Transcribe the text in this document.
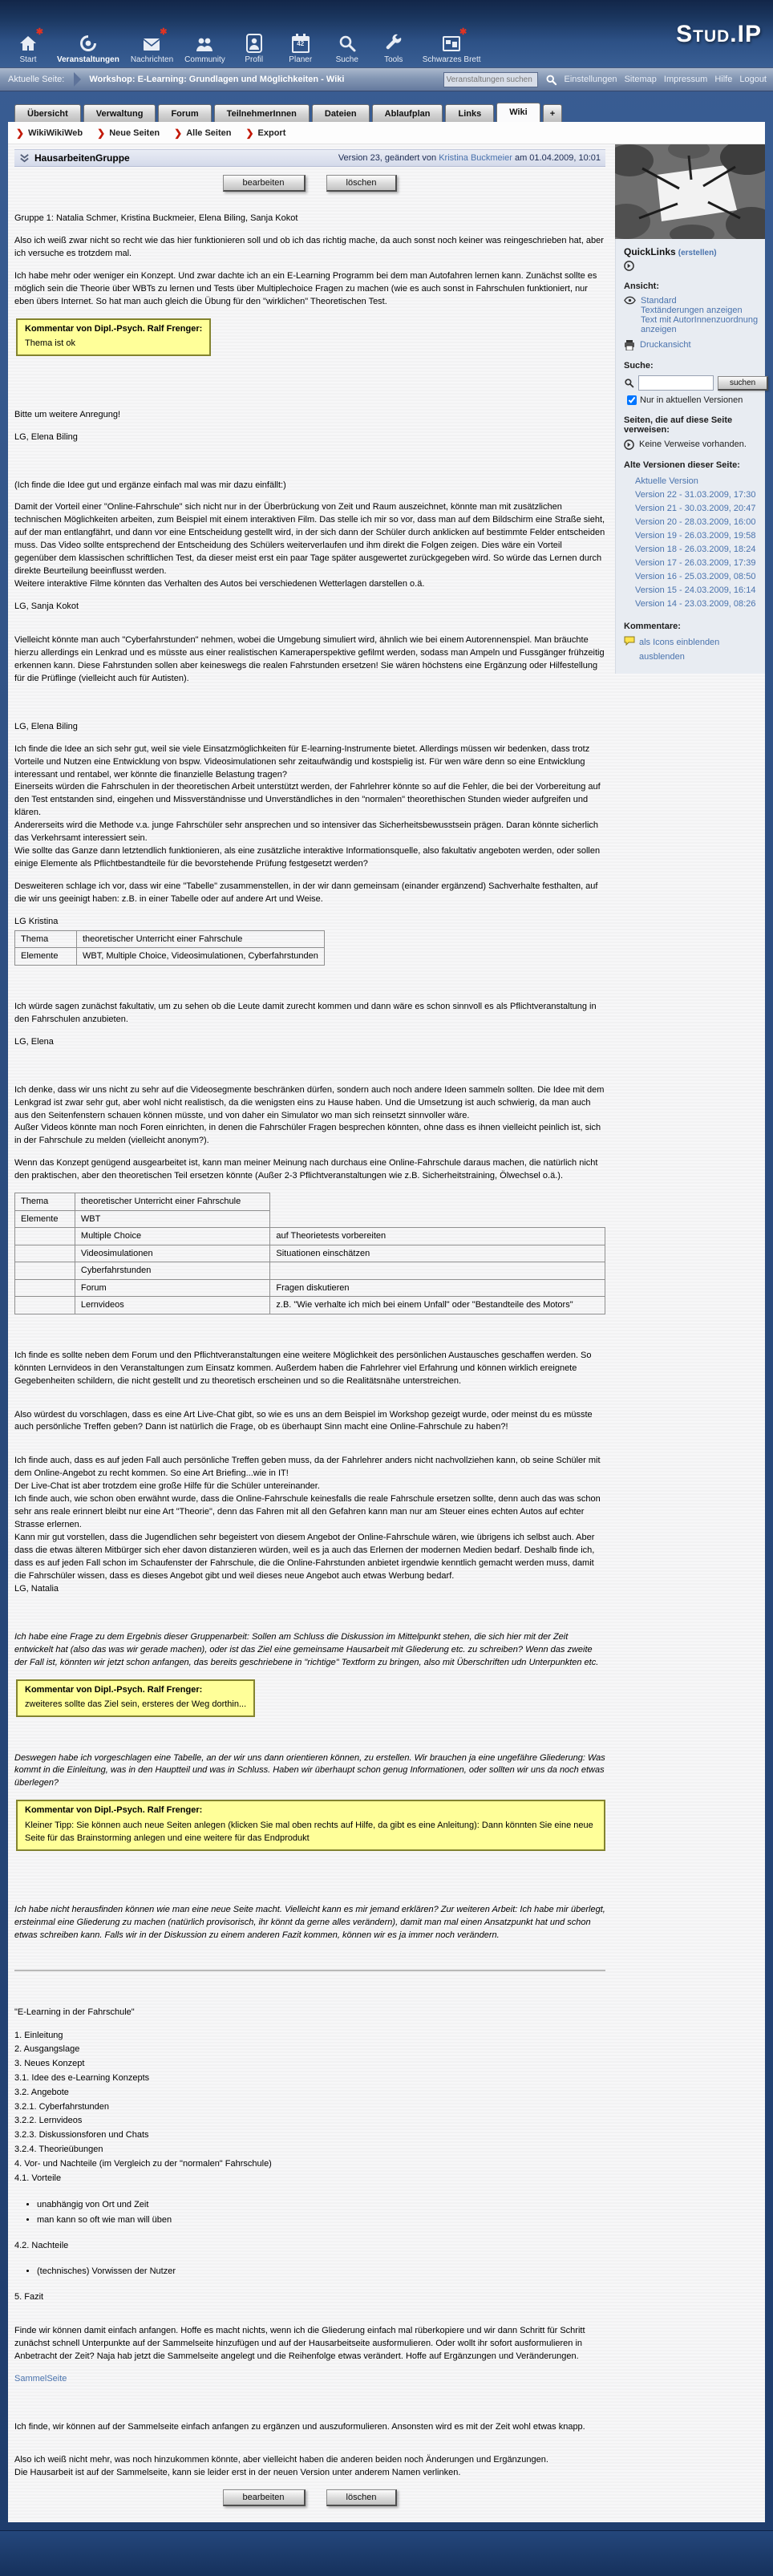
✱
Start	Veranstaltungen
✱
Nachrichten Community Profil
42
Planer	Suche	Tools
✱
Schwarzes Brett
Stud.IP
Aktuelle Seite:	Workshop: E-Learning: Grundlagen und Möglichkeiten - Wiki
Veranstaltungen suchen	Einstellungen Sitemap Impressum Hilfe Logout
Übersicht	Verwaltung	Forum	TeilnehmerInnen	Dateien	Ablaufplan	Links	Wiki	+
❯ WikiWikiWeb ❯ Neue Seiten ❯ Alle Seiten ❯ Export
HausarbeitenGruppe	Version 23, geändert von Kristina Buckmeier am 01.04.2009, 10:01
bearbeiten	löschen
Gruppe 1: Natalia Schmer, Kristina Buckmeier, Elena Biling, Sanja Kokot
Also ich weiß zwar nicht so recht wie das hier funktionieren soll und ob ich das richtig mache, da auch sonst noch keiner was reingeschrieben hat, aber ich versuche es trotzdem mal.
Ich habe mehr oder weniger ein Konzept. Und zwar dachte ich an ein E-Learning Programm bei dem man Autofahren lernen kann. Zunächst sollte es möglich sein die Theorie über WBTs zu lernen und Tests über Multiplechoice Fragen zu machen (wie es auch sonst in Fahrschulen funktioniert, nur eben übers Internet. So hat man auch gleich die Übung für den "wirklichen" Theoretischen Test.
Kommentar von Dipl.-Psych. Ralf Frenger:
Thema ist ok
Bitte um weitere Anregung!
LG, Elena Biling
(Ich finde die Idee gut und ergänze einfach mal was mir dazu einfällt:)
Damit der Vorteil einer "Online-Fahrschule" sich nicht nur in der Überbrückung von Zeit und Raum auszeichnet, könnte man mit zusätzlichen technischen Möglichkeiten arbeiten, zum Beispiel mit einem interaktiven Film. Das stelle ich mir so vor, dass man auf dem Bildschirm eine Straße sieht, auf der man entlangfährt, und dann vor eine Entscheidung gestellt wird, in der sich dann der Schüler durch anklicken auf bestimmte Felder entscheiden muss. Das Video sollte entsprechend der Entscheidung des Schülers weiterverlaufen und ihm direkt die Folgen zeigen. Dies wäre ein Vorteil gegenüber dem klassischen schriftlichen Test, da dieser meist erst ein paar Tage später ausgewertet zurückgegeben wird. So würde das Lernen durch direkte Beurteilung beeinflusst werden.
Weitere interaktive Filme könnten das Verhalten des Autos bei verschiedenen Wetterlagen darstellen o.ä.
LG, Sanja Kokot
Vielleicht könnte man auch "Cyberfahrstunden" nehmen, wobei die Umgebung simuliert wird, ähnlich wie bei einem Autorennenspiel. Man bräuchte hierzu allerdings ein Lenkrad und es müsste aus einer realistischen Kameraperspektive gefilmt werden, sodass man Ampeln und Fussgänger frühzeitig erkennen kann. Diese Fahrstunden sollen aber keineswegs die realen Fahrstunden ersetzen! Sie wären höchstens eine Ergänzung oder Hilfestellung für die Prüflinge (vielleicht auch für Autisten).
LG, Elena Biling
Ich finde die Idee an sich sehr gut, weil sie viele Einsatzmöglichkeiten für E-learning-Instrumente bietet. Allerdings müssen wir bedenken, dass trotz Vorteile und Nutzen eine Entwicklung von bspw. Videosimulationen sehr zeitaufwändig und kostspielig ist. Für wen wäre denn so eine Entwicklung interessant und rentabel, wer könnte die finanzielle Belastung tragen?
Einerseits würden die Fahrschulen in der theoretischen Arbeit unterstützt werden, der Fahrlehrer könnte so auf die Fehler, die bei der Vorbereitung auf den Test entstanden sind, eingehen und Missverständnisse und Unverständliches in den "normalen" theorethischen Stunden wieder aufgreifen und klären.
Andererseits wird die Methode v.a. junge Fahrschüler sehr ansprechen und so intensiver das Sicherheitsbewusstsein prägen. Daran könnte sicherlich das Verkehrsamt interessiert sein.
Wie sollte das Ganze dann letztendlich funktionieren, als eine zusätzliche interaktive Informationsquelle, also fakultativ angeboten werden, oder sollen einige Elemente als Pflichtbestandteile für die bevorstehende Prüfung festgesetzt werden?
Desweiteren schlage ich vor, dass wir eine "Tabelle" zusammenstellen, in der wir dann gemeinsam (einander ergänzend) Sachverhalte festhalten, auf die wir uns geeinigt haben: z.B. in einer Tabelle oder auf andere Art und Weise.
LG Kristina
Thema	theoretischer Unterricht einer Fahrschule
Elemente	WBT, Multiple Choice, Videosimulationen, Cyberfahrstunden
Ich würde sagen zunächst fakultativ, um zu sehen ob die Leute damit zurecht kommen und dann wäre es schon sinnvoll es als Pflichtveranstaltung in den Fahrschulen anzubieten.
LG, Elena
Ich denke, dass wir uns nicht zu sehr auf die Videosegmente beschränken dürfen, sondern auch noch andere Ideen sammeln sollten. Die Idee mit dem Lenkgrad ist zwar sehr gut, aber wohl nicht realistisch, da die wenigsten eins zu Hause haben. Und die Umsetzung ist auch schwierig, da man auch aus den Seitenfenstern schauen können müsste, und von daher ein Simulator wo man sich reinsetzt sinnvoller wäre.
Außer Videos könnte man noch Foren einrichten, in denen die Fahrschüler Fragen besprechen könnten, ohne dass es ihnen vielleicht peinlich ist, sich in der Fahrschule zu melden (vielleicht anonym?).
Wenn das Konzept genügend ausgearbeitet ist, kann man meiner Meinung nach durchaus eine Online-Fahrschule daraus machen, die natürlich nicht den praktischen, aber den theoretischen Teil ersetzen könnte (Außer 2-3 Pflichtveranstaltungen wie z.B. Sicherheitstraining, Ölwechsel o.ä.).
Thema	theoretischer Unterricht einer Fahrschule	
Elemente	WBT	
	Multiple Choice	auf Theorietests vorbereiten
	Videosimulationen	Situationen einschätzen
	Cyberfahrstunden	
	Forum	Fragen diskutieren
	Lernvideos	z.B. "Wie verhalte ich mich bei einem Unfall" oder "Bestandteile des Motors"
Ich finde es sollte neben dem Forum und den Pflichtveranstaltungen eine weitere Möglichkeit des persönlichen Austausches geschaffen werden. So könnten Lernvideos in den Veranstaltungen zum Einsatz kommen. Außerdem haben die Fahrlehrer viel Erfahrung und können wirklich ereignete Gegebenheiten schildern, die nicht gestellt und zu theoretisch erscheinen und so die Realitätsnähe unterstreichen.
Also würdest du vorschlagen, dass es eine Art Live-Chat gibt, so wie es uns an dem Beispiel im Workshop gezeigt wurde, oder meinst du es müsste auch persönliche Treffen geben? Dann ist natürlich die Frage, ob es überhaupt Sinn macht eine Online-Fahrschule zu haben?!
Ich finde auch, dass es auf jeden Fall auch persönliche Treffen geben muss, da der Fahrlehrer anders nicht nachvollziehen kann, ob seine Schüler mit dem Online-Angebot zu recht kommen. So eine Art Briefing...wie in IT!
Der Live-Chat ist aber trotzdem eine große Hilfe für die Schüler untereinander.
Ich finde auch, wie schon oben erwähnt wurde, dass die Online-Fahrschule keinesfalls die reale Fahrschule ersetzen sollte, denn auch das was schon sehr ans reale erinnert bleibt nur eine Art "Theorie", denn das Fahren mit all den Gefahren kann man nur am Steuer eines echten Autos auf echter Strasse erlernen.
Kann mir gut vorstellen, dass die Jugendlichen sehr begeistert von diesem Angebot der Online-Fahrschule wären, wie übrigens ich selbst auch. Aber dass die etwas älteren Mitbürger sich eher davon distanzieren würden, weil es ja auch das Erlernen der modernen Medien bedarf. Deshalb finde ich, dass es auf jeden Fall schon im Schaufenster der Fahrschule, die die Online-Fahrstunden anbietet irgendwie kenntlich gemacht werden muss, damit die Fahrschüler wissen, dass es dieses Angebot gibt und weil dieses neue Angebot auch etwas Werbung bedarf.
LG, Natalia
Ich habe eine Frage zu dem Ergebnis dieser Gruppenarbeit: Sollen am Schluss die Diskussion im Mittelpunkt stehen, die sich hier mit der Zeit entwickelt hat (also das was wir gerade machen), oder ist das Ziel eine gemeinsame Hausarbeit mit Gliederung etc. zu schreiben? Wenn das zweite der Fall ist, könnten wir jetzt schon anfangen, das bereits geschriebene in "richtige" Textform zu bringen, also mit Überschriften udn Unterpunkten etc.
Kommentar von Dipl.-Psych. Ralf Frenger:
zweiteres sollte das Ziel sein, ersteres der Weg dorthin...
Deswegen habe ich vorgeschlagen eine Tabelle, an der wir uns dann orientieren können, zu erstellen. Wir brauchen ja eine ungefähre Gliederung: Was kommt in die Einleitung, was in den Hauptteil und was in Schluss. Haben wir überhaupt schon genug Informationen, oder sollten wir uns da noch etwas überlegen?
Kommentar von Dipl.-Psych. Ralf Frenger:
Kleiner Tipp: Sie können auch neue Seiten anlegen (klicken Sie mal oben rechts auf Hilfe, da gibt es eine Anleitung): Dann könnten Sie eine neue Seite für das Brainstorming anlegen und eine weitere für das Endprodukt
Ich habe nicht herausfinden können wie man eine neue Seite macht. Vielleicht kann es mir jemand erklären? Zur weiteren Arbeit: Ich habe mir überlegt, ersteinmal eine Gliederung zu machen (natürlich provisorisch, ihr könnt da gerne alles verändern), damit man mal einen Ansatzpunkt hat und schon etwas schreiben kann. Falls wir in der Diskussion zu einem anderen Fazit kommen, können wir es ja immer noch verändern.
"E-Learning in der Fahrschule"
1. Einleitung
2. Ausgangslage
3. Neues Konzept
3.1. Idee des e-Learning Konzepts
3.2. Angebote
3.2.1. Cyberfahrstunden
3.2.2. Lernvideos
3.2.3. Diskussionsforen und Chats
3.2.4. Theorieübungen
4. Vor- und Nachteile (im Vergleich zu der "normalen" Fahrschule)
4.1. Vorteile
• unabhängig von Ort und Zeit
• man kann so oft wie man will üben
4.2. Nachteile
• (technisches) Vorwissen der Nutzer
5. Fazit
Finde wir können damit einfach anfangen. Hoffe es macht nichts, wenn ich die Gliederung einfach mal rüberkopiere und wir dann Schritt für Schritt zunächst schnell Unterpunkte auf der Sammelseite hinzufügen und auf der Hausarbeitseite ausformulieren. Oder wollt ihr sofort ausformulieren in Anbetracht der Zeit? Naja hab jetzt die Sammelseite angelegt und die Reihenfolge etwas verändert. Hoffe auf Ergänzungen und Veränderungen.
SammelSeite
Ich finde, wir können auf der Sammelseite einfach anfangen zu ergänzen und auszuformulieren. Ansonsten wird es mit der Zeit wohl etwas knapp.
Also ich weiß nicht mehr, was noch hinzukommen könnte, aber vielleicht haben die anderen beiden noch Änderungen und Ergänzungen.
Die Hausarbeit ist auf der Sammelseite, kann sie leider erst in der neuen Version unter anderem Namen verlinken.
bearbeiten	löschen
QuickLinks (erstellen)
Ansicht:
Standard
Textänderungen anzeigen
Text mit AutorInnenzuordnung anzeigen
Druckansicht
Suche:
suchen
Nur in aktuellen Versionen
Seiten, die auf diese Seite verweisen:
Keine Verweise vorhanden.
Alte Versionen dieser Seite:
Aktuelle Version
Version 22 - 31.03.2009, 17:30
Version 21 - 30.03.2009, 20:47
Version 20 - 28.03.2009, 16:00
Version 19 - 26.03.2009, 19:58
Version 18 - 26.03.2009, 18:24
Version 17 - 26.03.2009, 17:39
Version 16 - 25.03.2009, 08:50
Version 15 - 24.03.2009, 16:14
Version 14 - 23.03.2009, 08:26
Kommentare:
als Icons einblenden
ausblenden
